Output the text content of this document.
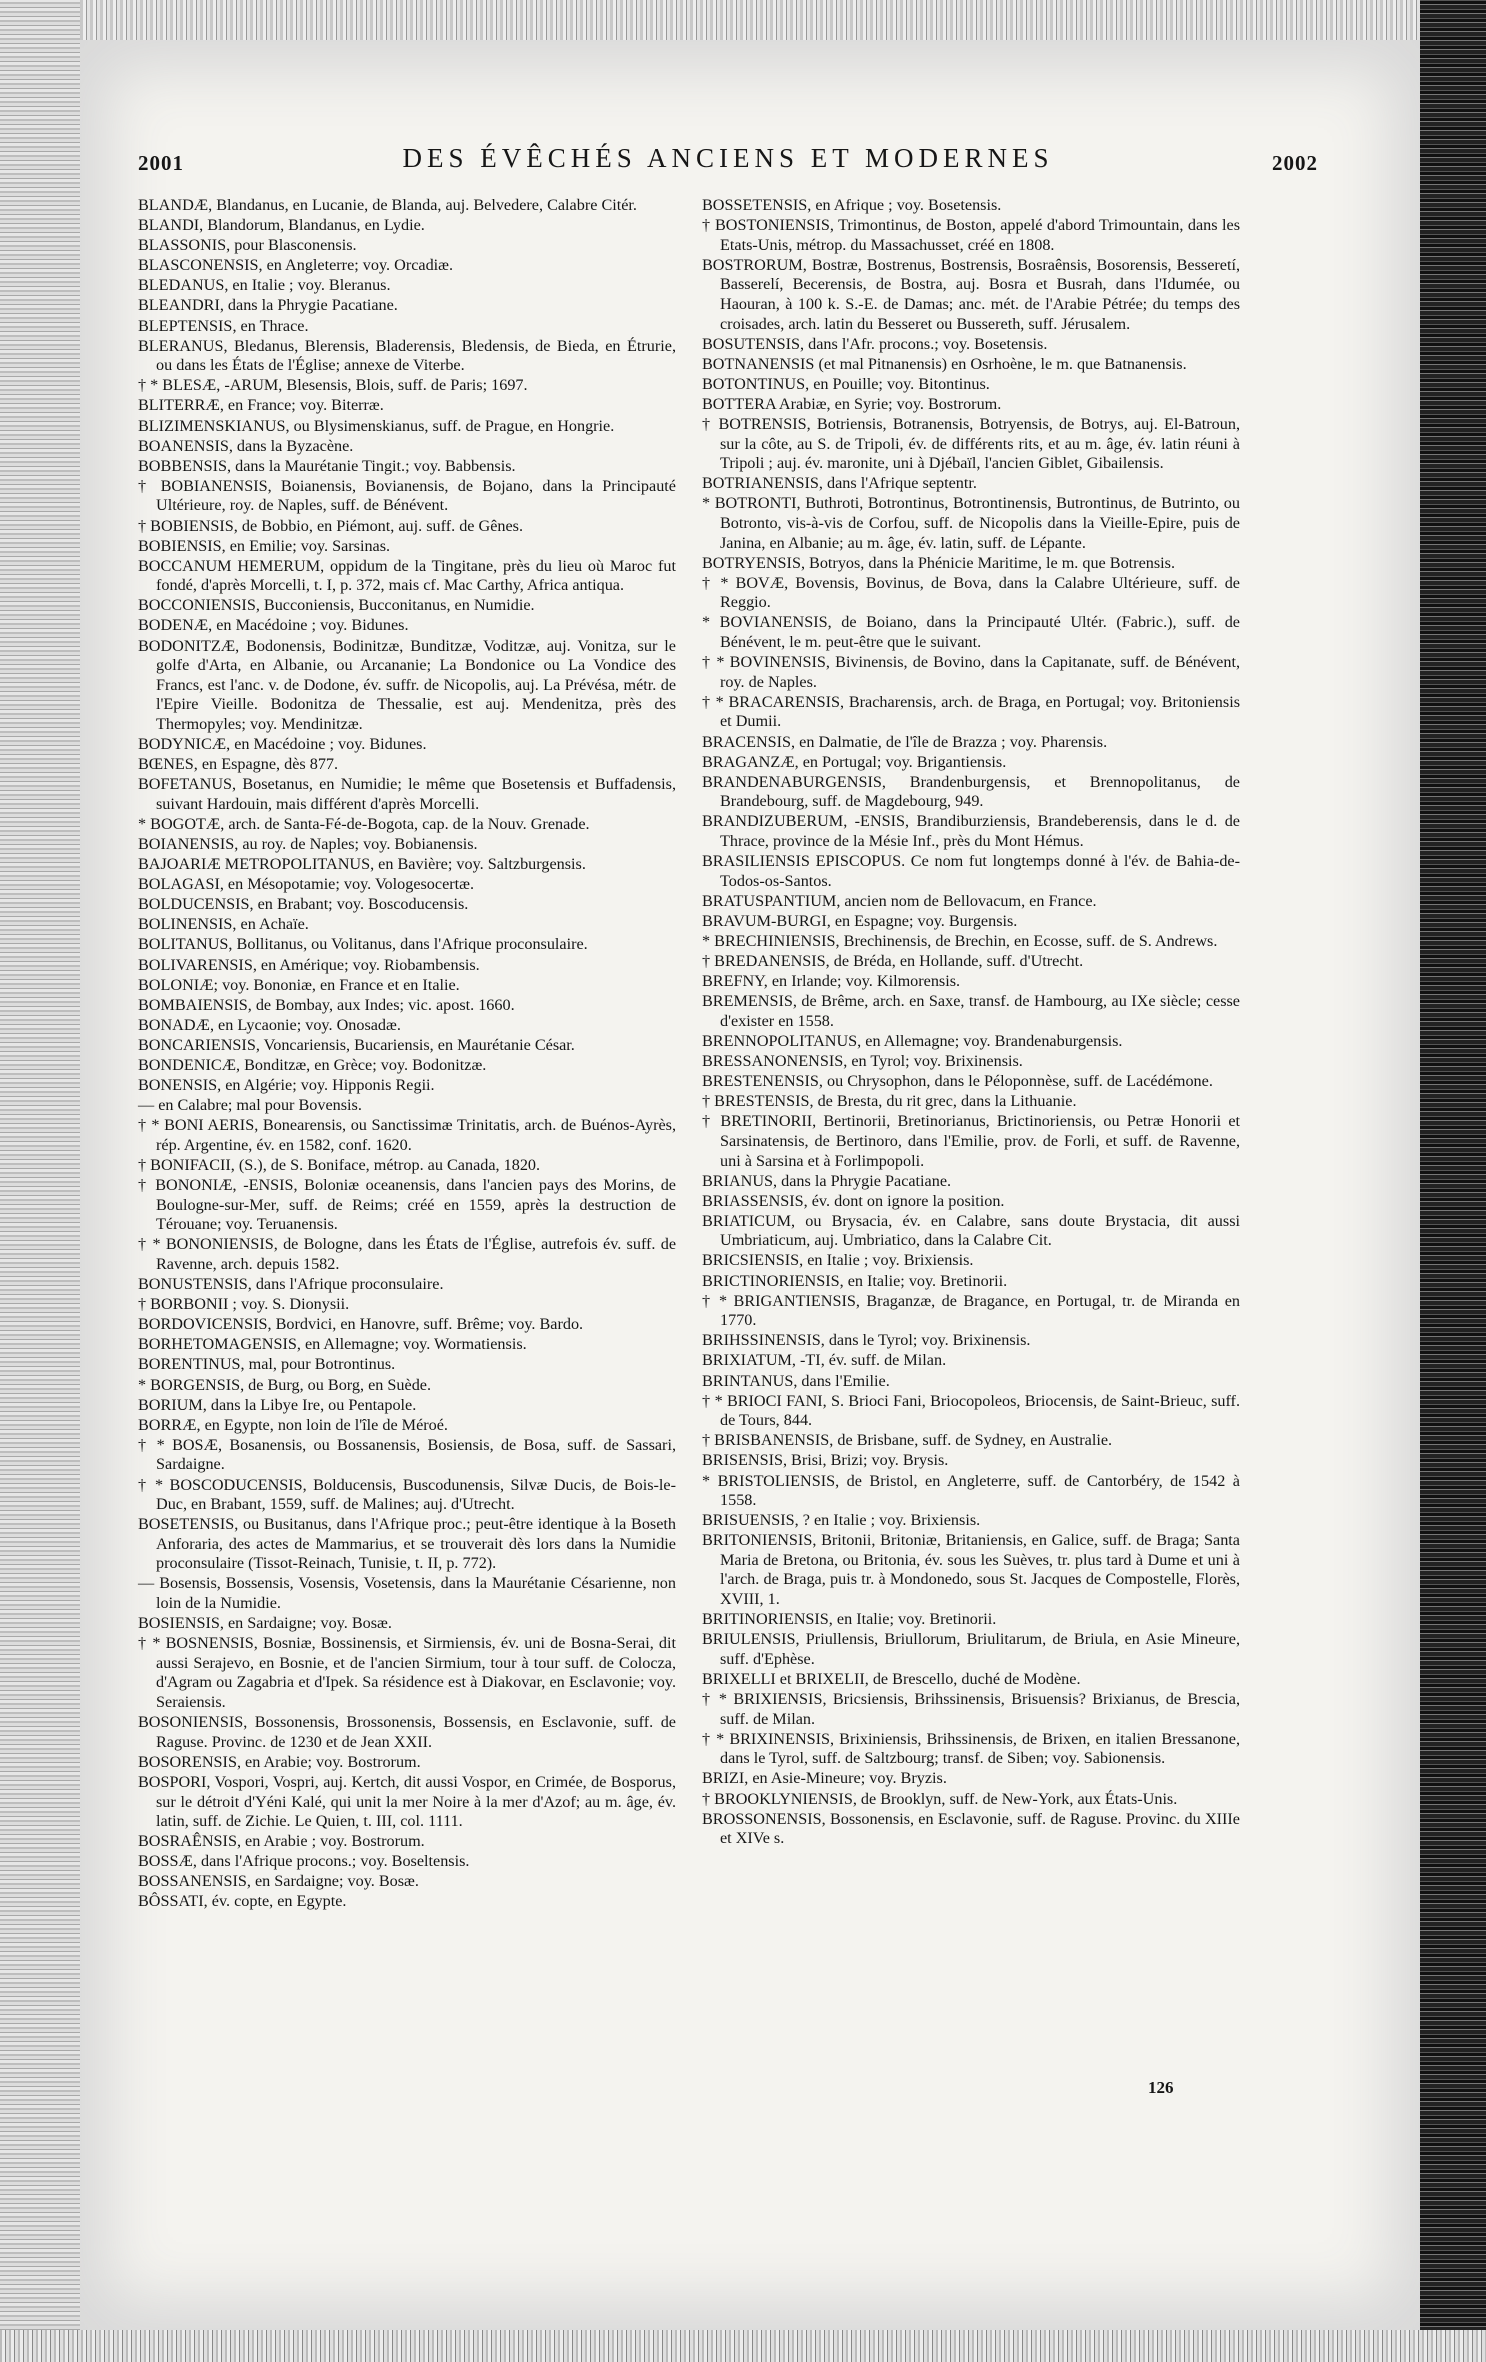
2001	DES ÉVÊCHÉS ANCIENS ET MODERNES	2002

BLANDÆ, Blandanus, en Lucanie, de Blanda, auj. Belvedere, Calabre Citér.

BLANDI, Blandorum, Blandanus, en Lydie.

BLASSONIS, pour Blasconensis.

BLASCONENSIS, en Angleterre; voy. Orcadiæ.

BLEDANUS, en Italie ; voy. Bleranus.

BLEANDRI, dans la Phrygie Pacatiane.

BLEPTENSIS, en Thrace.

BLERANUS, Bledanus, Blerensis, Bladerensis, Bledensis, de Bieda, en Étrurie, ou dans les États de l'Église; annexe de Viterbe.

† * BLESÆ, -ARUM, Blesensis, Blois, suff. de Paris; 1697.

BLITERRÆ, en France; voy. Biterræ.

BLIZIMENSKIANUS, ou Blysimenskianus, suff. de Prague, en Hongrie.

BOANENSIS, dans la Byzacène.

BOBBENSIS, dans la Maurétanie Tingit.; voy. Babbensis.

† BOBIANENSIS, Boianensis, Bovianensis, de Bojano, dans la Principauté Ultérieure, roy. de Naples, suff. de Bénévent.

† BOBIENSIS, de Bobbio, en Piémont, auj. suff. de Gênes.

BOBIENSIS, en Emilie; voy. Sarsinas.

BOCCANUM HEMERUM, oppidum de la Tingitane, près du lieu où Maroc fut fondé, d'après Morcelli, t. I, p. 372, mais cf. Mac Carthy, Africa antiqua.

BOCCONIENSIS, Bucconiensis, Bucconitanus, en Numidie.

BODENÆ, en Macédoine ; voy. Bidunes.

BODONITZÆ, Bodonensis, Bodinitzæ, Bunditzæ, Voditzæ, auj. Vonitza, sur le golfe d'Arta, en Albanie, ou Arcananie; La Bondonice ou La Vondice des Francs, est l'anc. v. de Dodone, év. suffr. de Nicopolis, auj. La Prévésa, métr. de l'Epire Vieille. Bodonitza de Thessalie, est auj. Mendenitza, près des Thermopyles; voy. Mendinitzæ.

BODYNICÆ, en Macédoine ; voy. Bidunes.

BŒNES, en Espagne, dès 877.

BOFETANUS, Bosetanus, en Numidie; le même que Bosetensis et Buffadensis, suivant Hardouin, mais différent d'après Morcelli.

* BOGOTÆ, arch. de Santa-Fé-de-Bogota, cap. de la Nouv. Grenade.

BOIANENSIS, au roy. de Naples; voy. Bobianensis.

BAJOARIÆ METROPOLITANUS, en Bavière; voy. Saltzburgensis.

BOLAGASI, en Mésopotamie; voy. Vologesocertæ.

BOLDUCENSIS, en Brabant; voy. Boscoducensis.

BOLINENSIS, en Achaïe.

BOLITANUS, Bollitanus, ou Volitanus, dans l'Afrique proconsulaire.

BOLIVARENSIS, en Amérique; voy. Riobambensis.

BOLONIÆ; voy. Bononiæ, en France et en Italie.

BOMBAIENSIS, de Bombay, aux Indes; vic. apost. 1660.

BONADÆ, en Lycaonie; voy. Onosadæ.

BONCARIENSIS, Voncariensis, Bucariensis, en Maurétanie César.

BONDENICÆ, Bonditzæ, en Grèce; voy. Bodonitzæ.

BONENSIS, en Algérie; voy. Hipponis Regii.

— en Calabre; mal pour Bovensis.

† * BONI AERIS, Bonearensis, ou Sanctissimæ Trinitatis, arch. de Buénos-Ayrès, rép. Argentine, év. en 1582, conf. 1620.

† BONIFACII, (S.), de S. Boniface, métrop. au Canada, 1820.

† BONONIÆ, -ENSIS, Boloniæ oceanensis, dans l'ancien pays des Morins, de Boulogne-sur-Mer, suff. de Reims; créé en 1559, après la destruction de Térouane; voy. Teruanensis.

† * BONONIENSIS, de Bologne, dans les États de l'Église, autrefois év. suff. de Ravenne, arch. depuis 1582.

BONUSTENSIS, dans l'Afrique proconsulaire.

† BORBONII ; voy. S. Dionysii.

BORDOVICENSIS, Bordvici, en Hanovre, suff. Brême; voy. Bardo.

BORHETOMAGENSIS, en Allemagne; voy. Wormatiensis.

BORENTINUS, mal, pour Botrontinus.

* BORGENSIS, de Burg, ou Borg, en Suède.

BORIUM, dans la Libye Ire, ou Pentapole.

BORRÆ, en Egypte, non loin de l'île de Méroé.

† * BOSÆ, Bosanensis, ou Bossanensis, Bosiensis, de Bosa, suff. de Sassari, Sardaigne.

† * BOSCODUCENSIS, Bolducensis, Buscodunensis, Silvæ Ducis, de Bois-le-Duc, en Brabant, 1559, suff. de Malines; auj. d'Utrecht.

BOSETENSIS, ou Busitanus, dans l'Afrique proc.; peut-être identique à la Boseth Anforaria, des actes de Mammarius, et se trouverait dès lors dans la Numidie proconsulaire (Tissot-Reinach, Tunisie, t. II, p. 772).

— Bosensis, Bossensis, Vosensis, Vosetensis, dans la Maurétanie Césarienne, non loin de la Numidie.

BOSIENSIS, en Sardaigne; voy. Bosæ.

† * BOSNENSIS, Bosniæ, Bossinensis, et Sirmiensis, év. uni de Bosna-Serai, dit aussi Serajevo, en Bosnie, et de l'ancien Sirmium, tour à tour suff. de Colocza, d'Agram ou Zagabria et d'Ipek. Sa résidence est à Diakovar, en Esclavonie; voy. Seraiensis.

BOSONIENSIS, Bossonensis, Brossonensis, Bossensis, en Esclavonie, suff. de Raguse. Provinc. de 1230 et de Jean XXII.

BOSORENSIS, en Arabie; voy. Bostrorum.

BOSPORI, Vospori, Vospri, auj. Kertch, dit aussi Vospor, en Crimée, de Bosporus, sur le détroit d'Yéni Kalé, qui unit la mer Noire à la mer d'Azof; au m. âge, év. latin, suff. de Zichie. Le Quien, t. III, col. 1111.

BOSRAÊNSIS, en Arabie ; voy. Bostrorum.

BOSSÆ, dans l'Afrique procons.; voy. Boseltensis.

BOSSANENSIS, en Sardaigne; voy. Bosæ.

BÔSSATI, év. copte, en Egypte.

BOSSETENSIS, en Afrique ; voy. Bosetensis.

† BOSTONIENSIS, Trimontinus, de Boston, appelé d'abord Trimountain, dans les Etats-Unis, métrop. du Massachusset, créé en 1808.

BOSTRORUM, Bostræ, Bostrenus, Bostrensis, Bosraênsis, Bosorensis, Besseretí, Basserelí, Becerensis, de Bostra, auj. Bosra et Busrah, dans l'Idumée, ou Haouran, à 100 k. S.-E. de Damas; anc. mét. de l'Arabie Pétrée; du temps des croisades, arch. latin du Besseret ou Bussereth, suff. Jérusalem.

BOSUTENSIS, dans l'Afr. procons.; voy. Bosetensis.

BOTNANENSIS (et mal Pitnanensis) en Osrhoène, le m. que Batnanensis.

BOTONTINUS, en Pouille; voy. Bitontinus.

BOTTERA Arabiæ, en Syrie; voy. Bostrorum.

† BOTRENSIS, Botriensis, Botranensis, Botryensis, de Botrys, auj. El-Batroun, sur la côte, au S. de Tripoli, év. de différents rits, et au m. âge, év. latin réuni à Tripoli ; auj. év. maronite, uni à Djébaïl, l'ancien Giblet, Gibailensis.

BOTRIANENSIS, dans l'Afrique septentr.

* BOTRONTI, Buthroti, Botrontinus, Botrontinensis, Butrontinus, de Butrinto, ou Botronto, vis-à-vis de Corfou, suff. de Nicopolis dans la Vieille-Epire, puis de Janina, en Albanie; au m. âge, év. latin, suff. de Lépante.

BOTRYENSIS, Botryos, dans la Phénicie Maritime, le m. que Botrensis.

† * BOVÆ, Bovensis, Bovinus, de Bova, dans la Calabre Ultérieure, suff. de Reggio.

* BOVIANENSIS, de Boiano, dans la Principauté Ultér. (Fabric.), suff. de Bénévent, le m. peut-être que le suivant.

† * BOVINENSIS, Bivinensis, de Bovino, dans la Capitanate, suff. de Bénévent, roy. de Naples.

† * BRACARENSIS, Bracharensis, arch. de Braga, en Portugal; voy. Britoniensis et Dumii.

BRACENSIS, en Dalmatie, de l'île de Brazza ; voy. Pharensis.

BRAGANZÆ, en Portugal; voy. Brigantiensis.

BRANDENABURGENSIS, Brandenburgensis, et Brennopolitanus, de Brandebourg, suff. de Magdebourg, 949.

BRANDIZUBERUM, -ENSIS, Brandiburziensis, Brandeberensis, dans le d. de Thrace, province de la Mésie Inf., près du Mont Hémus.

BRASILIENSIS EPISCOPUS. Ce nom fut longtemps donné à l'év. de Bahia-de-Todos-os-Santos.

BRATUSPANTIUM, ancien nom de Bellovacum, en France.

BRAVUM-BURGI, en Espagne; voy. Burgensis.

* BRECHINIENSIS, Brechinensis, de Brechin, en Ecosse, suff. de S. Andrews.

† BREDANENSIS, de Bréda, en Hollande, suff. d'Utrecht.

BREFNY, en Irlande; voy. Kilmorensis.

BREMENSIS, de Brême, arch. en Saxe, transf. de Hambourg, au IXe siècle; cesse d'exister en 1558.

BRENNOPOLITANUS, en Allemagne; voy. Brandenaburgensis.

BRESSANONENSIS, en Tyrol; voy. Brixinensis.

BRESTENENSIS, ou Chrysophon, dans le Péloponnèse, suff. de Lacédémone.

† BRESTENSIS, de Bresta, du rit grec, dans la Lithuanie.

† BRETINORII, Bertinorii, Bretinorianus, Brictinoriensis, ou Petræ Honorii et Sarsinatensis, de Bertinoro, dans l'Emilie, prov. de Forli, et suff. de Ravenne, uni à Sarsina et à Forlimpopoli.

BRIANUS, dans la Phrygie Pacatiane.

BRIASSENSIS, év. dont on ignore la position.

BRIATICUM, ou Brysacia, év. en Calabre, sans doute Brystacia, dit aussi Umbriaticum, auj. Umbriatico, dans la Calabre Cit.

BRICSIENSIS, en Italie ; voy. Brixiensis.

BRICTINORIENSIS, en Italie; voy. Bretinorii.

† * BRIGANTIENSIS, Braganzæ, de Bragance, en Portugal, tr. de Miranda en 1770.

BRIHSSINENSIS, dans le Tyrol; voy. Brixinensis.

BRIXIATUM, -TI, év. suff. de Milan.

BRINTANUS, dans l'Emilie.

† * BRIOCI FANI, S. Brioci Fani, Briocopoleos, Briocensis, de Saint-Brieuc, suff. de Tours, 844.

† BRISBANENSIS, de Brisbane, suff. de Sydney, en Australie.

BRISENSIS, Brisi, Brizi; voy. Brysis.

* BRISTOLIENSIS, de Bristol, en Angleterre, suff. de Cantorbéry, de 1542 à 1558.

BRISUENSIS, ? en Italie ; voy. Brixiensis.

BRITONIENSIS, Britonii, Britoniæ, Britaniensis, en Galice, suff. de Braga; Santa Maria de Bretona, ou Britonia, év. sous les Suèves, tr. plus tard à Dume et uni à l'arch. de Braga, puis tr. à Mondonedo, sous St. Jacques de Compostelle, Florès, XVIII, 1.

BRITINORIENSIS, en Italie; voy. Bretinorii.

BRIULENSIS, Priullensis, Briullorum, Briulitarum, de Briula, en Asie Mineure, suff. d'Ephèse.

BRIXELLI et BRIXELII, de Brescello, duché de Modène.

† * BRIXIENSIS, Bricsiensis, Brihssinensis, Brisuensis? Brixianus, de Brescia, suff. de Milan.

† * BRIXINENSIS, Brixiniensis, Brihssinensis, de Brixen, en italien Bressanone, dans le Tyrol, suff. de Saltzbourg; transf. de Siben; voy. Sabionensis.

BRIZI, en Asie-Mineure; voy. Bryzis.

† BROOKLYNIENSIS, de Brooklyn, suff. de New-York, aux États-Unis.

BROSSONENSIS, Bossonensis, en Esclavonie, suff. de Raguse. Provinc. du XIIIe et XIVe s.

126
